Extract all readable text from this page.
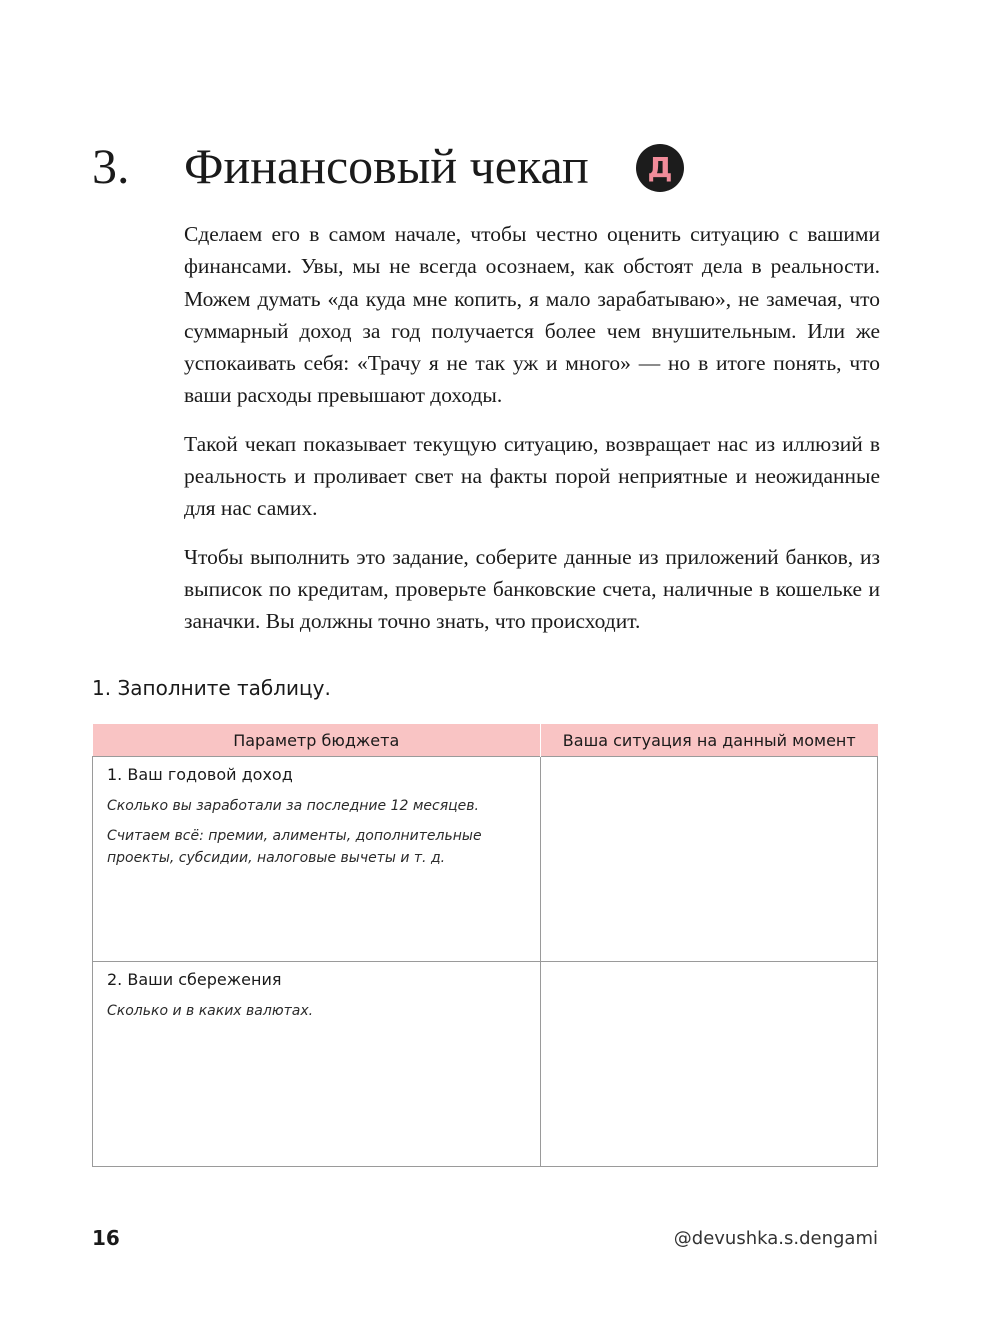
3. Финансовый чекап	Д

Сделаем его в самом начале, чтобы честно оценить ситуацию с вашими финансами. Увы, мы не всегда осознаем, как обстоят дела в реальности. Можем думать «да куда мне копить, я мало зарабатываю», не замечая, что суммарный доход за год получается более чем внушительным. Или же успокаивать себя: «Трачу я не так уж и много» — но в итоге понять, что ваши расходы превышают доходы.

Такой чекап показывает текущую ситуацию, возвращает нас из иллюзий в реальность и проливает свет на факты порой неприятные и неожиданные для нас самих.

Чтобы выполнить это задание, соберите данные из приложений банков, из выписок по кредитам, проверьте банковские счета, наличные в кошельке и заначки. Вы должны точно знать, что происходит.

1. Заполните таблицу.
Параметр бюджета	Ваша ситуация на данный момент

1. Ваш годовой доход

Сколько вы заработали за последние 12 месяцев.

Считаем всё: премии, алименты, дополнительные проекты, субсидии, налоговые вычеты и т. д.	

2. Ваши сбережения

Сколько и в каких валютах.	

16	@devushka.s.dengami
